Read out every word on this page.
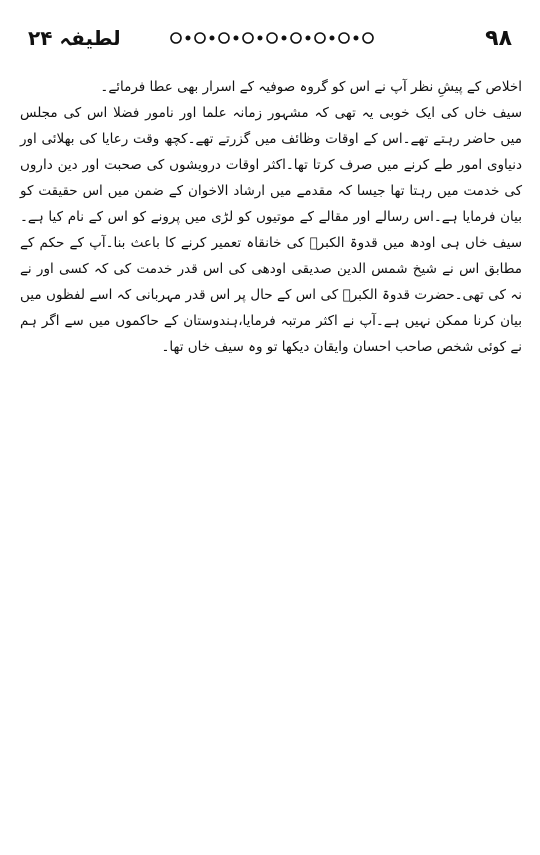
۹۸
لطیفہ ۲۴

اخلاص کے پیشِ نظر آپ نے اس کو گروہ صوفیہ کے اسرار بھی عطا فرمائے۔

سیف خاں کی ایک خوبی یہ تھی کہ مشہور زمانہ علما اور نامور فضلا اس کی مجلس میں حاضر رہتے تھے۔اس کے اوقات وظائف میں گزرتے تھے۔کچھ وقت رعایا کی بھلائی اور دنیاوی امور طے کرنے میں صرف کرتا تھا۔اکثر اوقات درویشوں کی صحبت اور دین داروں کی خدمت میں رہتا تھا جیسا کہ مقدمے میں ارشاد الاخوان کے ضمن میں اس حقیقت کو بیان فرمایا ہے۔اس رسالے اور مقالے کے موتیوں کو لڑی میں پرونے کو اس کے نام کیا ہے۔سیف خاں ہی اودھ میں قدوۃ الکبرؒ کی خانقاہ تعمیر کرنے کا باعث بنا۔آپ کے حکم کے مطابق اس نے شیخ شمس الدین صدیقی اودھی کی اس قدر خدمت کی کہ کسی اور نے نہ کی تھی۔حضرت قدوۃ الکبرؒ کی اس کے حال پر اس قدر مہربانی کہ اسے لفظوں میں بیان کرنا ممکن نہیں ہے۔آپ نے اکثر مرتبہ فرمایا،ہندوستان کے حاکموں میں سے اگر ہم نے کوئی شخص صاحب احسان وایقان دیکھا تو وہ سیف خاں تھا۔
